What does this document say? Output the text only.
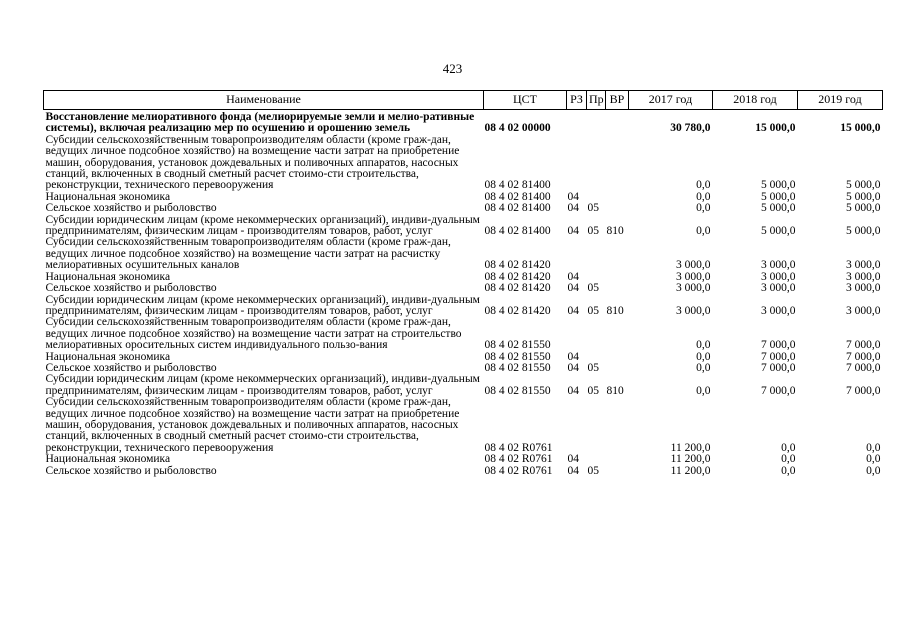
423
Наименование	ЦСТ	РЗ	Пр	ВР	2017 год	2018 год	2019 год
Восстановление мелиоративного фонда (мелиорируемые земли и мелио-ративные системы), включая реализацию мер по осушению и орошению земель	08 4 02 00000				30 780,0	15 000,0	15 000,0
Субсидии сельскохозяйственным товаропроизводителям области (кроме граж-дан, ведущих личное подсобное хозяйство) на возмещение части затрат на приобретение машин, оборудования, установок дождевальных и поливочных аппаратов, насосных станций, включенных в сводный сметный расчет стоимо-сти строительства, реконструкции, технического перевооружения	08 4 02 81400				0,0	5 000,0	5 000,0
Национальная экономика	08 4 02 81400	04			0,0	5 000,0	5 000,0
Сельское хозяйство и рыболовство	08 4 02 81400	04	05		0,0	5 000,0	5 000,0
Субсидии юридическим лицам (кроме некоммерческих организаций), индиви-дуальным предпринимателям, физическим лицам - производителям товаров, работ, услуг	08 4 02 81400	04	05	810	0,0	5 000,0	5 000,0
Субсидии сельскохозяйственным товаропроизводителям области (кроме граж-дан, ведущих личное подсобное хозяйство) на возмещение части затрат на расчистку мелиоративных осушительных каналов	08 4 02 81420				3 000,0	3 000,0	3 000,0
Национальная экономика	08 4 02 81420	04			3 000,0	3 000,0	3 000,0
Сельское хозяйство и рыболовство	08 4 02 81420	04	05		3 000,0	3 000,0	3 000,0
Субсидии юридическим лицам (кроме некоммерческих организаций), индиви-дуальным предпринимателям, физическим лицам - производителям товаров, работ, услуг	08 4 02 81420	04	05	810	3 000,0	3 000,0	3 000,0
Субсидии сельскохозяйственным товаропроизводителям области (кроме граж-дан, ведущих личное подсобное хозяйство) на возмещение части затрат на строительство мелиоративных оросительных систем индивидуального пользо-вания	08 4 02 81550				0,0	7 000,0	7 000,0
Национальная экономика	08 4 02 81550	04			0,0	7 000,0	7 000,0
Сельское хозяйство и рыболовство	08 4 02 81550	04	05		0,0	7 000,0	7 000,0
Субсидии юридическим лицам (кроме некоммерческих организаций), индиви-дуальным предпринимателям, физическим лицам - производителям товаров, работ, услуг	08 4 02 81550	04	05	810	0,0	7 000,0	7 000,0
Субсидии сельскохозяйственным товаропроизводителям области (кроме граж-дан, ведущих личное подсобное хозяйство) на возмещение части затрат на приобретение машин, оборудования, установок дождевальных и поливочных аппаратов, насосных станций, включенных в сводный сметный расчет стоимо-сти строительства, реконструкции, технического перевооружения	08 4 02 R0761				11 200,0	0,0	0,0
Национальная экономика	08 4 02 R0761	04			11 200,0	0,0	0,0
Сельское хозяйство и рыболовство	08 4 02 R0761	04	05		11 200,0	0,0	0,0
